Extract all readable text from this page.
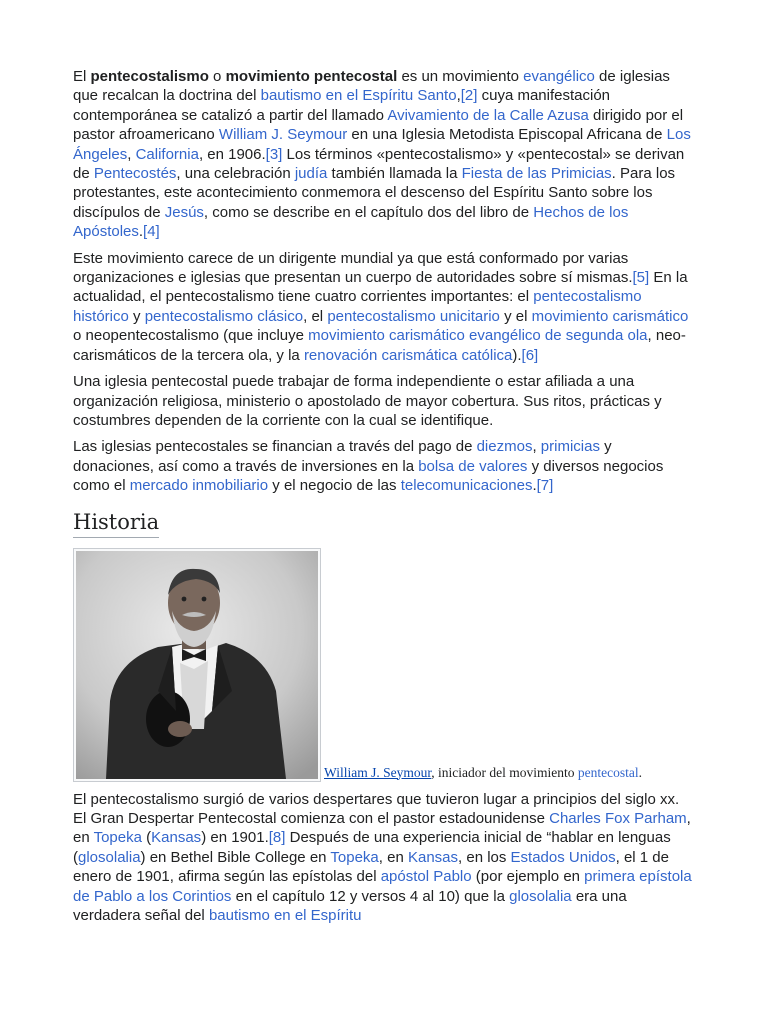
El pentecostalismo o movimiento pentecostal es un movimiento evangélico de iglesias que recalcan la doctrina del bautismo en el Espíritu Santo,[2] cuya manifestación contemporánea se catalizó a partir del llamado Avivamiento de la Calle Azusa dirigido por el pastor afroamericano William J. Seymour en una Iglesia Metodista Episcopal Africana de Los Ángeles, California, en 1906.[3] Los términos «pentecostalismo» y «pentecostal» se derivan de Pentecostés, una celebración judía también llamada la Fiesta de las Primicias. Para los protestantes, este acontecimiento conmemora el descenso del Espíritu Santo sobre los discípulos de Jesús, como se describe en el capítulo dos del libro de Hechos de los Apóstoles.[4]

Este movimiento carece de un dirigente mundial ya que está conformado por varias organizaciones e iglesias que presentan un cuerpo de autoridades sobre sí mismas.[5] En la actualidad, el pentecostalismo tiene cuatro corrientes importantes: el pentecostalismo histórico y pentecostalismo clásico, el pentecostalismo unicitario y el movimiento carismático o neopentecostalismo (que incluye movimiento carismático evangélico de segunda ola, neo-carismáticos de la tercera ola, y la renovación carismática católica).[6]

Una iglesia pentecostal puede trabajar de forma independiente o estar afiliada a una organización religiosa, ministerio o apostolado de mayor cobertura. Sus ritos, prácticas y costumbres dependen de la corriente con la cual se identifique.

Las iglesias pentecostales se financian a través del pago de diezmos, primicias y donaciones, así como a través de inversiones en la bolsa de valores y diversos negocios como el mercado inmobiliario y el negocio de las telecomunicaciones.[7]

Historia
William J. Seymour, iniciador del movimiento pentecostal.

El pentecostalismo surgió de varios despertares que tuvieron lugar a principios del siglo xx. El Gran Despertar Pentecostal comienza con el pastor estadounidense Charles Fox Parham, en Topeka (Kansas) en 1901.[8] Después de una experiencia inicial de “hablar en lenguas (glosolalia) en Bethel Bible College en Topeka, en Kansas, en los Estados Unidos, el 1 de enero de 1901, afirma según las epístolas del apóstol Pablo (por ejemplo en primera epístola de Pablo a los Corintios en el capítulo 12 y versos 4 al 10) que la glosolalia era una verdadera señal del bautismo en el Espíritu
